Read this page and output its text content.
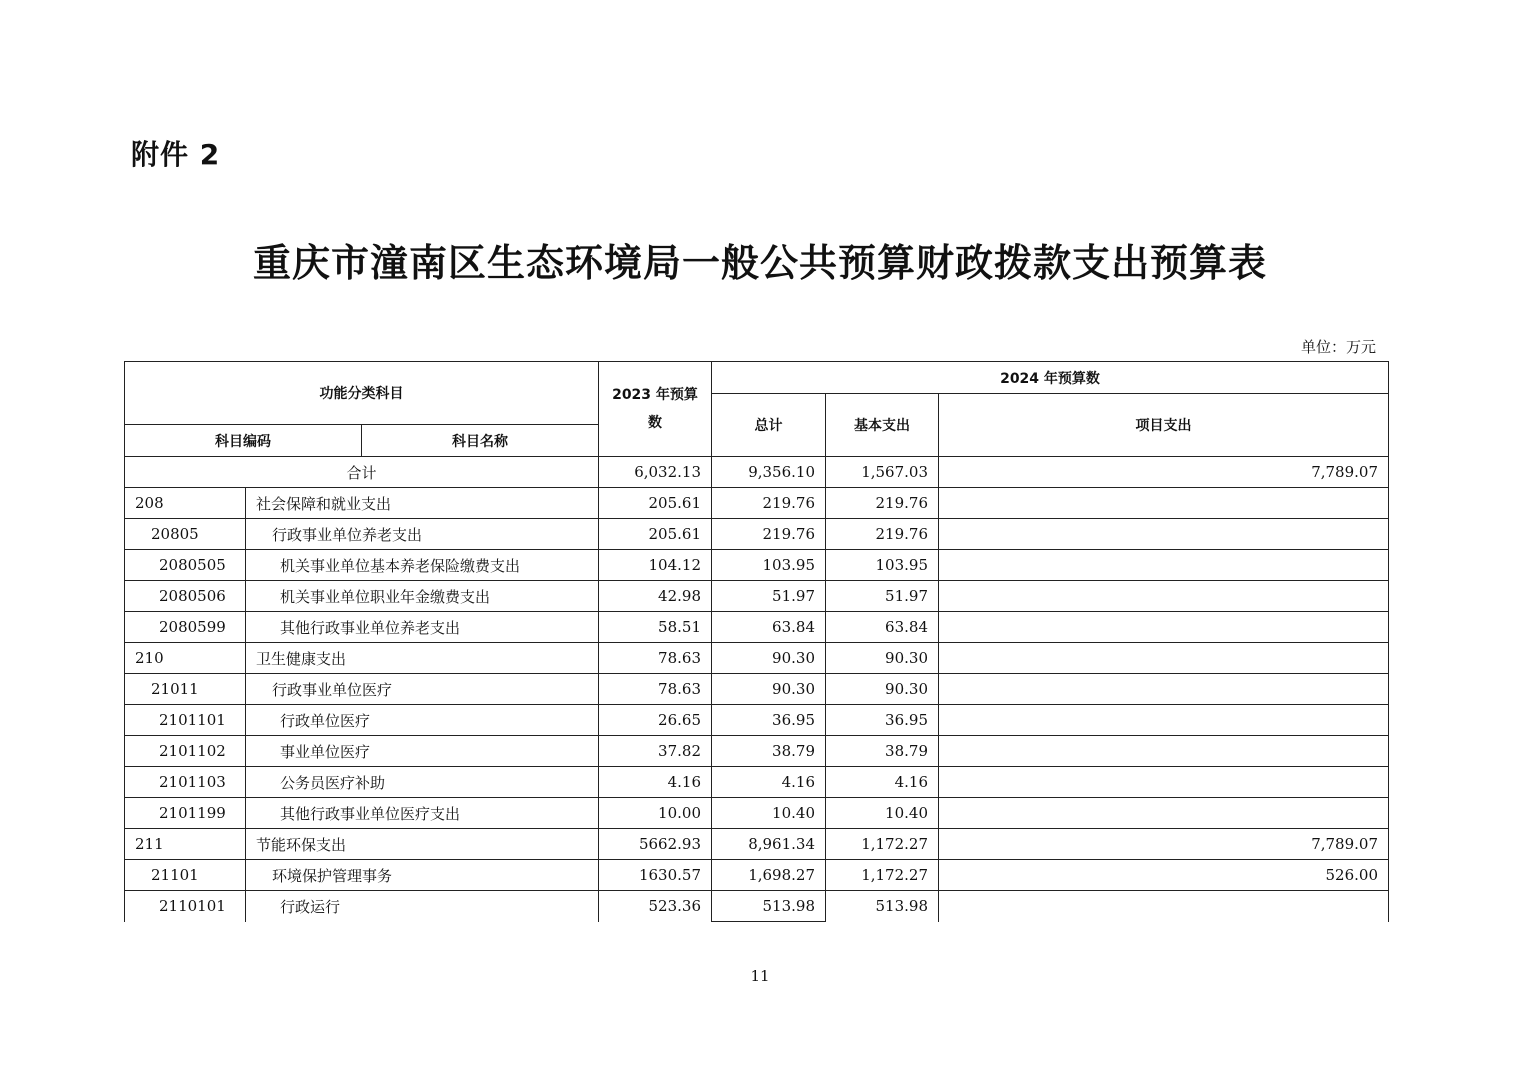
附件 2
重庆市潼南区生态环境局一般公共预算财政拨款支出预算表
单位：万元
功能分类科目			2023 年预算数	2024 年预算数		
				总计	基本支出	项目支出
科目编码		科目名称				
合计			6,032.13	9,356.10	1,567.03	7,789.07
208	社会保障和就业支出		205.61	219.76	219.76	
20805	行政事业单位养老支出		205.61	219.76	219.76	
2080505	机关事业单位基本养老保险缴费支出		104.12	103.95	103.95	
2080506	机关事业单位职业年金缴费支出		42.98	51.97	51.97	
2080599	其他行政事业单位养老支出		58.51	63.84	63.84	
210	卫生健康支出		78.63	90.30	90.30	
21011	行政事业单位医疗		78.63	90.30	90.30	
2101101	行政单位医疗		26.65	36.95	36.95	
2101102	事业单位医疗		37.82	38.79	38.79	
2101103	公务员医疗补助		4.16	4.16	4.16	
2101199	其他行政事业单位医疗支出		10.00	10.40	10.40	
211	节能环保支出		5662.93	8,961.34	1,172.27	7,789.07
21101	环境保护管理事务		1630.57	1,698.27	1,172.27	526.00
2110101	行政运行		523.36	513.98	513.98	
11
